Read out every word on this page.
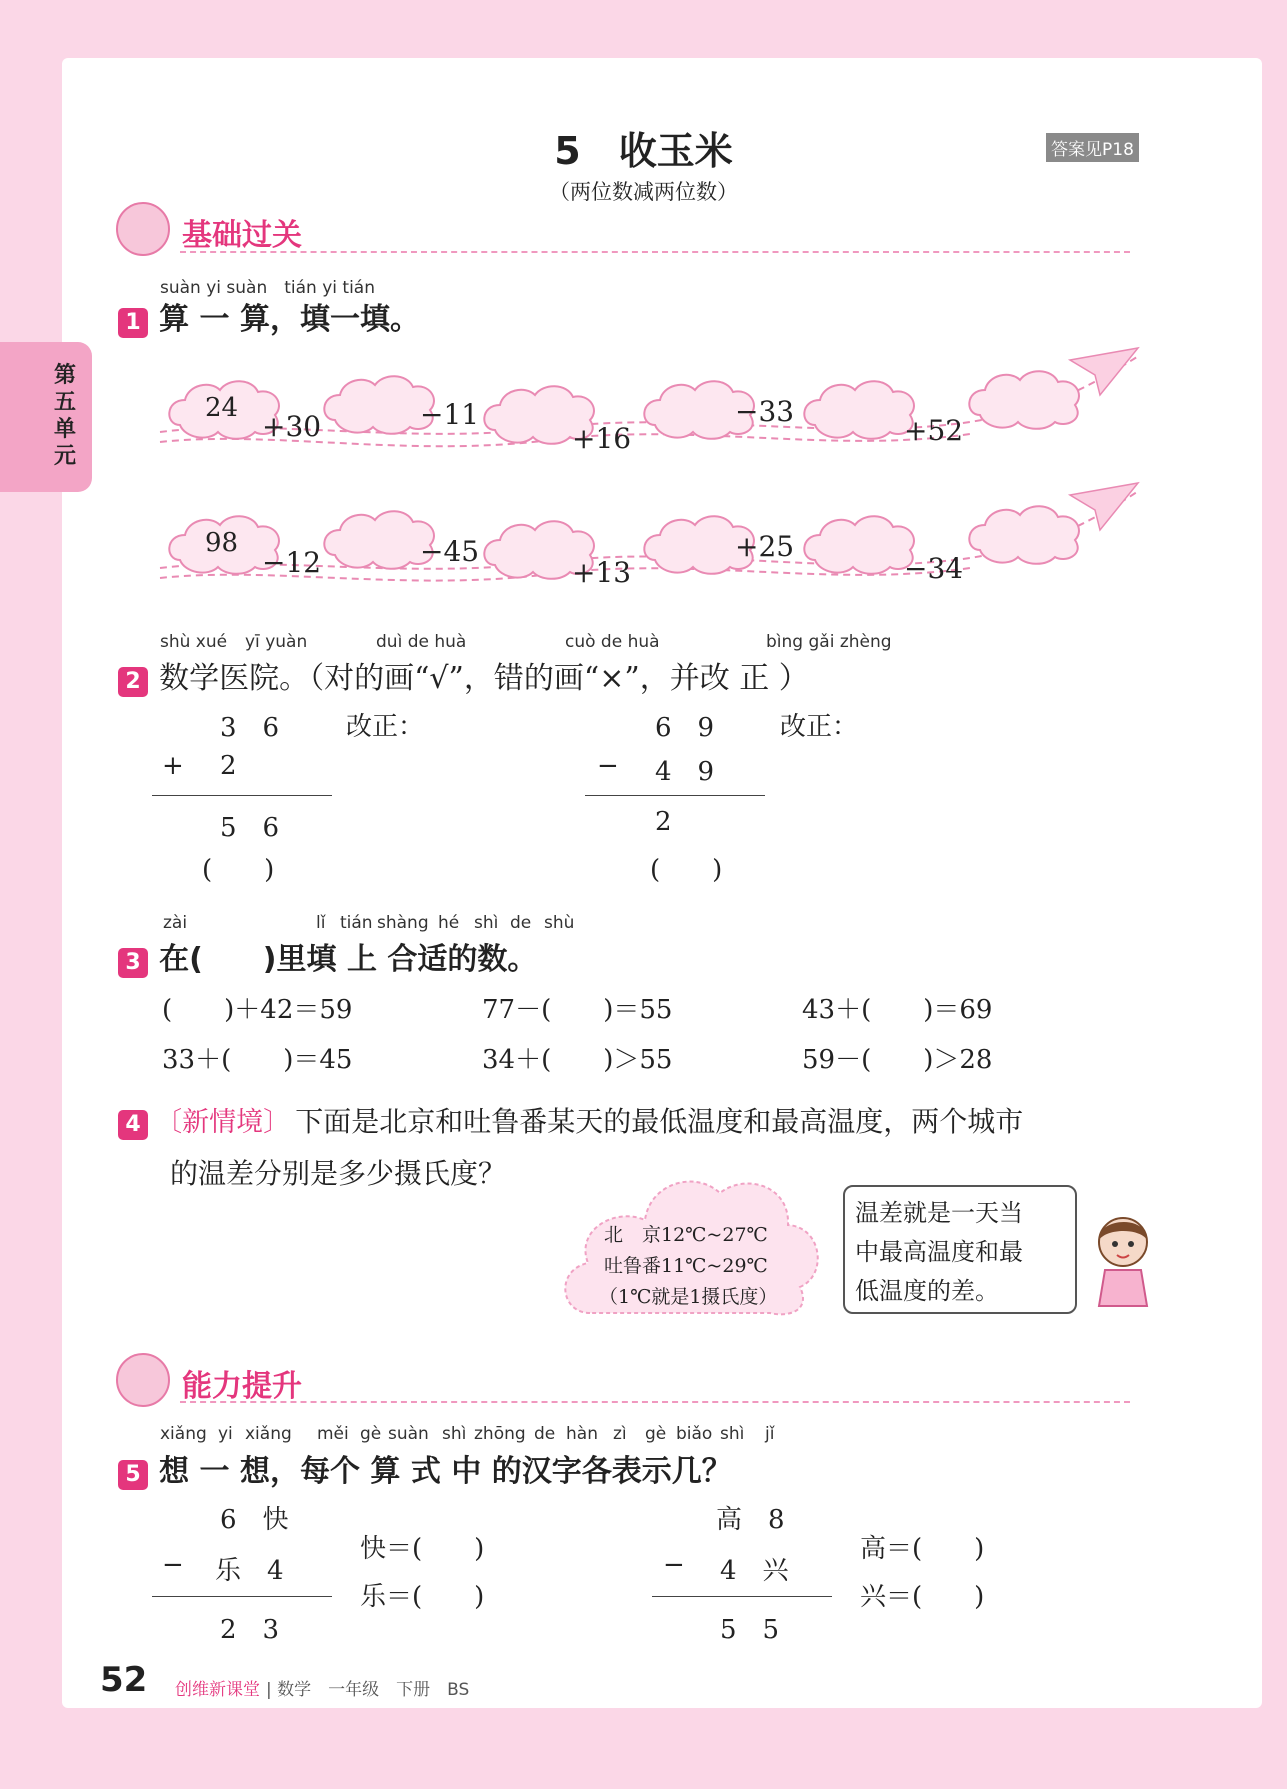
5　收玉米
（两位数减两位数）
答案见P18
第五单元
基础过关
suàn yi suàn　tián yi tián
1 算 一 算，填一填。
24
+30	−11
+16
−33
+52
98
−12	−45
+13
+25
−34
shù xué yī yuàn	duì de huà	cuò de huà	bìng gǎi zhèng
2 数学医院。（对的画“√”，错的画“×”，并改 正 ）
3　6
+ 2
5　6
(　　)
改正：	6　9
− 4　9
2
(　　)
改正：
zài	lǐ tián shàng hé shì de shù
3 在(　　)里填 上 合适的数。
(　　)＋42＝59	77－(　　)＝55	43＋(　　)＝69
33＋(　　)＝45	34＋(　　)＞55	59－(　　)＞28
4 〔新情境〕 下面是北京和吐鲁番某天的最低温度和最高温度，两个城市
的温差分别是多少摄氏度？
北　京12℃~27℃
吐鲁番11℃~29℃
（1℃就是1摄氏度）
温差就是一天当
中最高温度和最
低温度的差。
能力提升
xiǎng yi xiǎng měi gè suàn shì zhōng de hàn zì gè biǎo shì jǐ
5 想 一 想，每个 算 式 中 的汉字各表示几？
6　快
− 乐　4
2　3
快＝(　　)
乐＝(　　)
高　8
− 4　兴
5　5
高＝(　　)
兴＝(　　)
52 创维新课堂 | 数学　一年级　下册　BS
